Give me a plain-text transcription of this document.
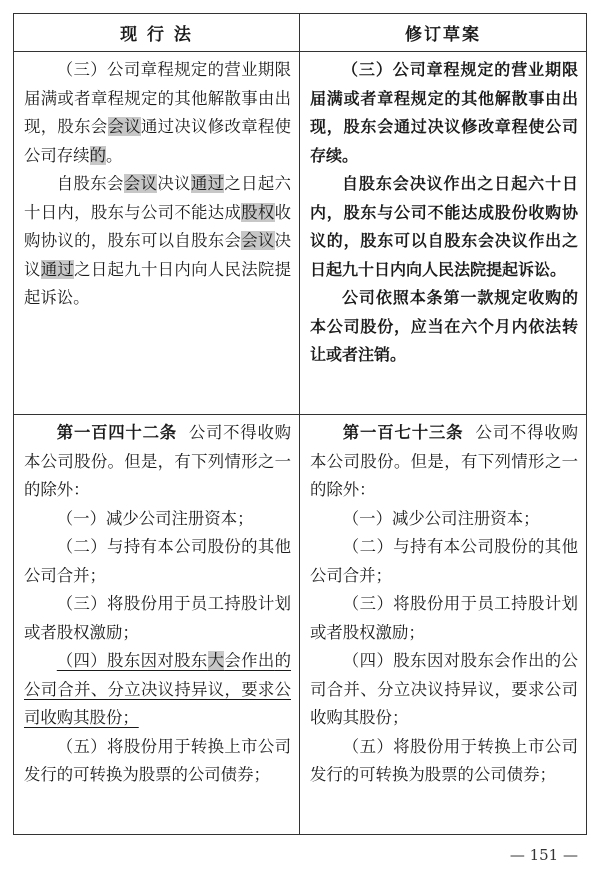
现 行 法	修订草案

（三）公司章程规定的营业期限届满或者章程规定的其他解散事由出现，股东会会议通过决议修改章程使公司存续的。

自股东会会议决议通过之日起六十日内，股东与公司不能达成股权收购协议的，股东可以自股东会会议决议通过之日起九十日内向人民法院提起诉讼。

（三）公司章程规定的营业期限届满或者章程规定的其他解散事由出现，股东会通过决议修改章程使公司存续。

自股东会决议作出之日起六十日内，股东与公司不能达成股份收购协议的，股东可以自股东会决议作出之日起九十日内向人民法院提起诉讼。

公司依照本条第一款规定收购的本公司股份，应当在六个月内依法转让或者注销。

第一百四十二条 公司不得收购本公司股份。但是，有下列情形之一的除外：

（一）减少公司注册资本；

（二）与持有本公司股份的其他公司合并；

（三）将股份用于员工持股计划或者股权激励；

（四）股东因对股东大会作出的公司合并、分立决议持异议，要求公司收购其股份；

（五）将股份用于转换上市公司发行的可转换为股票的公司债券；

第一百七十三条 公司不得收购本公司股份。但是，有下列情形之一的除外：

（一）减少公司注册资本；

（二）与持有本公司股份的其他公司合并；

（三）将股份用于员工持股计划或者股权激励；

（四）股东因对股东会作出的公司合并、分立决议持异议，要求公司收购其股份；

（五）将股份用于转换上市公司发行的可转换为股票的公司债券；

— 151 —
